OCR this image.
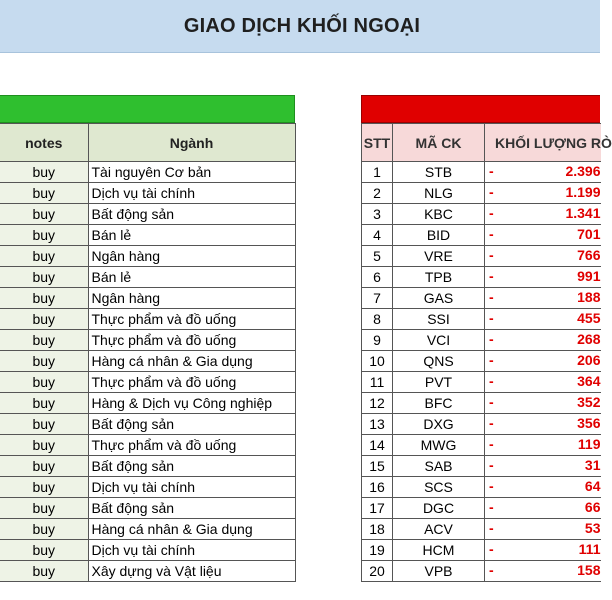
GIAO DỊCH KHỐI NGOẠI
notes	Ngành
buy	Tài nguyên Cơ bản
buy	Dịch vụ tài chính
buy	Bất động sản
buy	Bán lẻ
buy	Ngân hàng
buy	Bán lẻ
buy	Ngân hàng
buy	Thực phẩm và đồ uống
buy	Thực phẩm và đồ uống
buy	Hàng cá nhân & Gia dụng
buy	Thực phẩm và đồ uống
buy	Hàng & Dịch vụ Công nghiệp
buy	Bất động sản
buy	Thực phẩm và đồ uống
buy	Bất động sản
buy	Dịch vụ tài chính
buy	Bất động sản
buy	Hàng cá nhân & Gia dụng
buy	Dịch vụ tài chính
buy	Xây dựng và Vật liệu
STT	MÃ CK	KHỐI LƯỢNG RÒ
1	STB	- 2.396

2	NLG	- 1.199

3	KBC	- 1.341

4	BID	- 701

5	VRE	- 766

6	TPB	- 991

7	GAS	- 188

8	SSI	- 455

9	VCI	- 268

10	QNS	- 206

11	PVT	- 364

12	BFC	- 352

13	DXG	- 356

14	MWG	- 119

15	SAB	- 31

16	SCS	- 64

17	DGC	- 66

18	ACV	- 53

19	HCM	- 111

20	VPB	- 158
